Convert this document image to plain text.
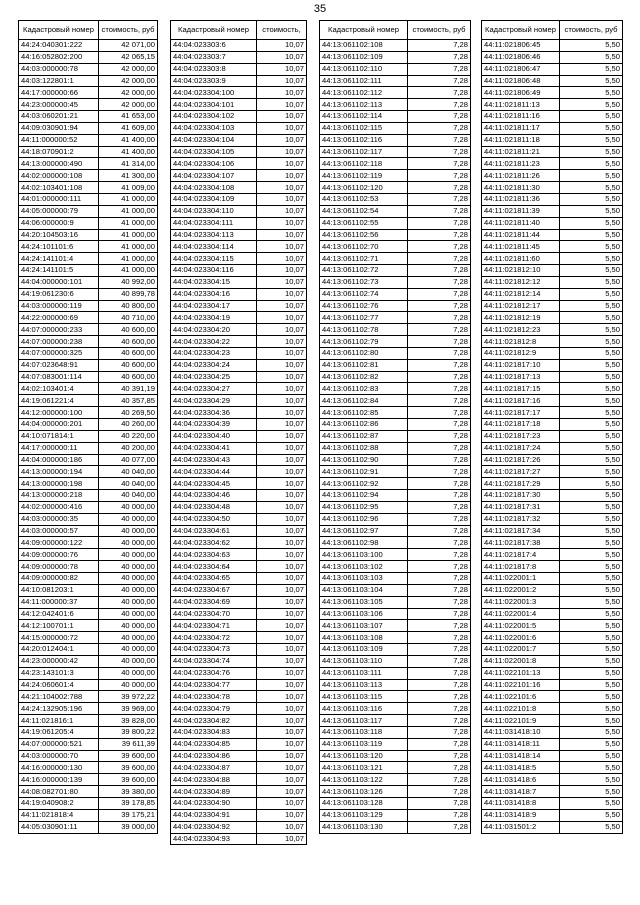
35
Кадастровый номер	стоимость, руб
44:24:040301:222	42 071,00
44:16:052802:200	42 065,15
44:03:000000:78	42 000,00
44:03:122801:1	42 000,00
44:17:000000:66	42 000,00
44:23:000000:45	42 000,00
44:03:060201:21	41 653,00
44:09:030901:94	41 609,00
44:11:000000:52	41 400,00
44:18:070901:2	41 400,00
44:13:000000:490	41 314,00
44:02:000000:108	41 300,00
44:02:103401:108	41 009,00
44:01:000000:111	41 000,00
44:05:000000:79	41 000,00
44:06:000000:9	41 000,00
44:20:104503:16	41 000,00
44:24:101101:6	41 000,00
44:24:141101:4	41 000,00
44:24:141101:5	41 000,00
44:04:000000:101	40 992,00
44:19:061230:6	40 899,78
44:03:000000:119	40 800,00
44:22:000000:69	40 710,00
44:07:000000:233	40 600,00
44:07:000000:238	40 600,00
44:07:000000:325	40 600,00
44:07:023648:91	40 600,00
44:07:083001:114	40 600,00
44:02:103401:4	40 391,19
44:19:061221:4	40 357,85
44:12:000000:100	40 269,50
44:04:000000:201	40 260,00
44:10:071814:1	40 220,00
44:17:000000:11	40 200,00
44:04:000000:186	40 077,00
44:13:000000:194	40 040,00
44:13:000000:198	40 040,00
44:13:000000:218	40 040,00
44:02:000000:416	40 000,00
44:03:000000:35	40 000,00
44:03:000000:57	40 000,00
44:09:000000:122	40 000,00
44:09:000000:76	40 000,00
44:09:000000:78	40 000,00
44:09:000000:82	40 000,00
44:10:081203:1	40 000,00
44:11:000000:37	40 000,00
44:12:042401:6	40 000,00
44:12:100701:1	40 000,00
44:15:000000:72	40 000,00
44:20:012404:1	40 000,00
44:23:000000:42	40 000,00
44:23:143101:3	40 000,00
44:24:060601:4	40 000,00
44:21:104002:788	39 972,22
44:24:132905:196	39 969,00
44:11:021816:1	39 828,00
44:19:061205:4	39 800,22
44:07:000000:521	39 611,39
44:03:000000:70	39 600,00
44:16:000000:130	39 600,00
44:16:000000:139	39 600,00
44:08:082701:80	39 380,00
44:19:040908:2	39 178,85
44:11:021818:4	39 175,21
44:05:030901:11	39 000,00
Кадастровый номер	стоимость,
44:04:023303:6	10,07
44:04:023303:7	10,07
44:04:023303:8	10,07
44:04:023303:9	10,07
44:04:023304:100	10,07
44:04:023304:101	10,07
44:04:023304:102	10,07
44:04:023304:103	10,07
44:04:023304:104	10,07
44:04:023304:105	10,07
44:04:023304:106	10,07
44:04:023304:107	10,07
44:04:023304:108	10,07
44:04:023304:109	10,07
44:04:023304:110	10,07
44:04:023304:111	10,07
44:04:023304:113	10,07
44:04:023304:114	10,07
44:04:023304:115	10,07
44:04:023304:116	10,07
44:04:023304:15	10,07
44:04:023304:16	10,07
44:04:023304:17	10,07
44:04:023304:19	10,07
44:04:023304:20	10,07
44:04:023304:22	10,07
44:04:023304:23	10,07
44:04:023304:24	10,07
44:04:023304:25	10,07
44:04:023304:27	10,07
44:04:023304:29	10,07
44:04:023304:36	10,07
44:04:023304:39	10,07
44:04:023304:40	10,07
44:04:023304:41	10,07
44:04:023304:43	10,07
44:04:023304:44	10,07
44:04:023304:45	10,07
44:04:023304:46	10,07
44:04:023304:48	10,07
44:04:023304:50	10,07
44:04:023304:61	10,07
44:04:023304:62	10,07
44:04:023304:63	10,07
44:04:023304:64	10,07
44:04:023304:65	10,07
44:04:023304:67	10,07
44:04:023304:69	10,07
44:04:023304:70	10,07
44:04:023304:71	10,07
44:04:023304:72	10,07
44:04:023304:73	10,07
44:04:023304:74	10,07
44:04:023304:76	10,07
44:04:023304:77	10,07
44:04:023304:78	10,07
44:04:023304:79	10,07
44:04:023304:82	10,07
44:04:023304:83	10,07
44:04:023304:85	10,07
44:04:023304:86	10,07
44:04:023304:87	10,07
44:04:023304:88	10,07
44:04:023304:89	10,07
44:04:023304:90	10,07
44:04:023304:91	10,07
44:04:023304:92	10,07
44:04:023304:93	10,07
Кадастровый номер	стоимость, руб
44:13:061102:108	7,28
44:13:061102:109	7,28
44:13:061102:110	7,28
44:13:061102:111	7,28
44:13:061102:112	7,28
44:13:061102:113	7,28
44:13:061102:114	7,28
44:13:061102:115	7,28
44:13:061102:116	7,28
44:13:061102:117	7,28
44:13:061102:118	7,28
44:13:061102:119	7,28
44:13:061102:120	7,28
44:13:061102:53	7,28
44:13:061102:54	7,28
44:13:061102:55	7,28
44:13:061102:56	7,28
44:13:061102:70	7,28
44:13:061102:71	7,28
44:13:061102:72	7,28
44:13:061102:73	7,28
44:13:061102:74	7,28
44:13:061102:76	7,28
44:13:061102:77	7,28
44:13:061102:78	7,28
44:13:061102:79	7,28
44:13:061102:80	7,28
44:13:061102:81	7,28
44:13:061102:82	7,28
44:13:061102:83	7,28
44:13:061102:84	7,28
44:13:061102:85	7,28
44:13:061102:86	7,28
44:13:061102:87	7,28
44:13:061102:88	7,28
44:13:061102:90	7,28
44:13:061102:91	7,28
44:13:061102:92	7,28
44:13:061102:94	7,28
44:13:061102:95	7,28
44:13:061102:96	7,28
44:13:061102:97	7,28
44:13:061102:98	7,28
44:13:061103:100	7,28
44:13:061103:102	7,28
44:13:061103:103	7,28
44:13:061103:104	7,28
44:13:061103:105	7,28
44:13:061103:106	7,28
44:13:061103:107	7,28
44:13:061103:108	7,28
44:13:061103:109	7,28
44:13:061103:110	7,28
44:13:061103:111	7,28
44:13:061103:113	7,28
44:13:061103:115	7,28
44:13:061103:116	7,28
44:13:061103:117	7,28
44:13:061103:118	7,28
44:13:061103:119	7,28
44:13:061103:120	7,28
44:13:061103:121	7,28
44:13:061103:122	7,28
44:13:061103:126	7,28
44:13:061103:128	7,28
44:13:061103:129	7,28
44:13:061103:130	7,28
Кадастровый номер	стоимость, руб
44:11:021806:45	5,50
44:11:021806:46	5,50
44:11:021806:47	5,50
44:11:021806:48	5,50
44:11:021806:49	5,50
44:11:021811:13	5,50
44:11:021811:16	5,50
44:11:021811:17	5,50
44:11:021811:18	5,50
44:11:021811:21	5,50
44:11:021811:23	5,50
44:11:021811:26	5,50
44:11:021811:30	5,50
44:11:021811:36	5,50
44:11:021811:39	5,50
44:11:021811:40	5,50
44:11:021811:44	5,50
44:11:021811:45	5,50
44:11:021811:60	5,50
44:11:021812:10	5,50
44:11:021812:12	5,50
44:11:021812:14	5,50
44:11:021812:17	5,50
44:11:021812:19	5,50
44:11:021812:23	5,50
44:11:021812:8	5,50
44:11:021812:9	5,50
44:11:021817:10	5,50
44:11:021817:13	5,50
44:11:021817:15	5,50
44:11:021817:16	5,50
44:11:021817:17	5,50
44:11:021817:18	5,50
44:11:021817:23	5,50
44:11:021817:24	5,50
44:11:021817:26	5,50
44:11:021817:27	5,50
44:11:021817:29	5,50
44:11:021817:30	5,50
44:11:021817:31	5,50
44:11:021817:32	5,50
44:11:021817:34	5,50
44:11:021817:38	5,50
44:11:021817:4	5,50
44:11:021817:8	5,50
44:11:022001:1	5,50
44:11:022001:2	5,50
44:11:022001:3	5,50
44:11:022001:4	5,50
44:11:022001:5	5,50
44:11:022001:6	5,50
44:11:022001:7	5,50
44:11:022001:8	5,50
44:11:022101:13	5,50
44:11:022101:16	5,50
44:11:022101:6	5,50
44:11:022101:8	5,50
44:11:022101:9	5,50
44:11:031418:10	5,50
44:11:031418:11	5,50
44:11:031418:14	5,50
44:11:031418:5	5,50
44:11:031418:6	5,50
44:11:031418:7	5,50
44:11:031418:8	5,50
44:11:031418:9	5,50
44:11:031501:2	5,50
